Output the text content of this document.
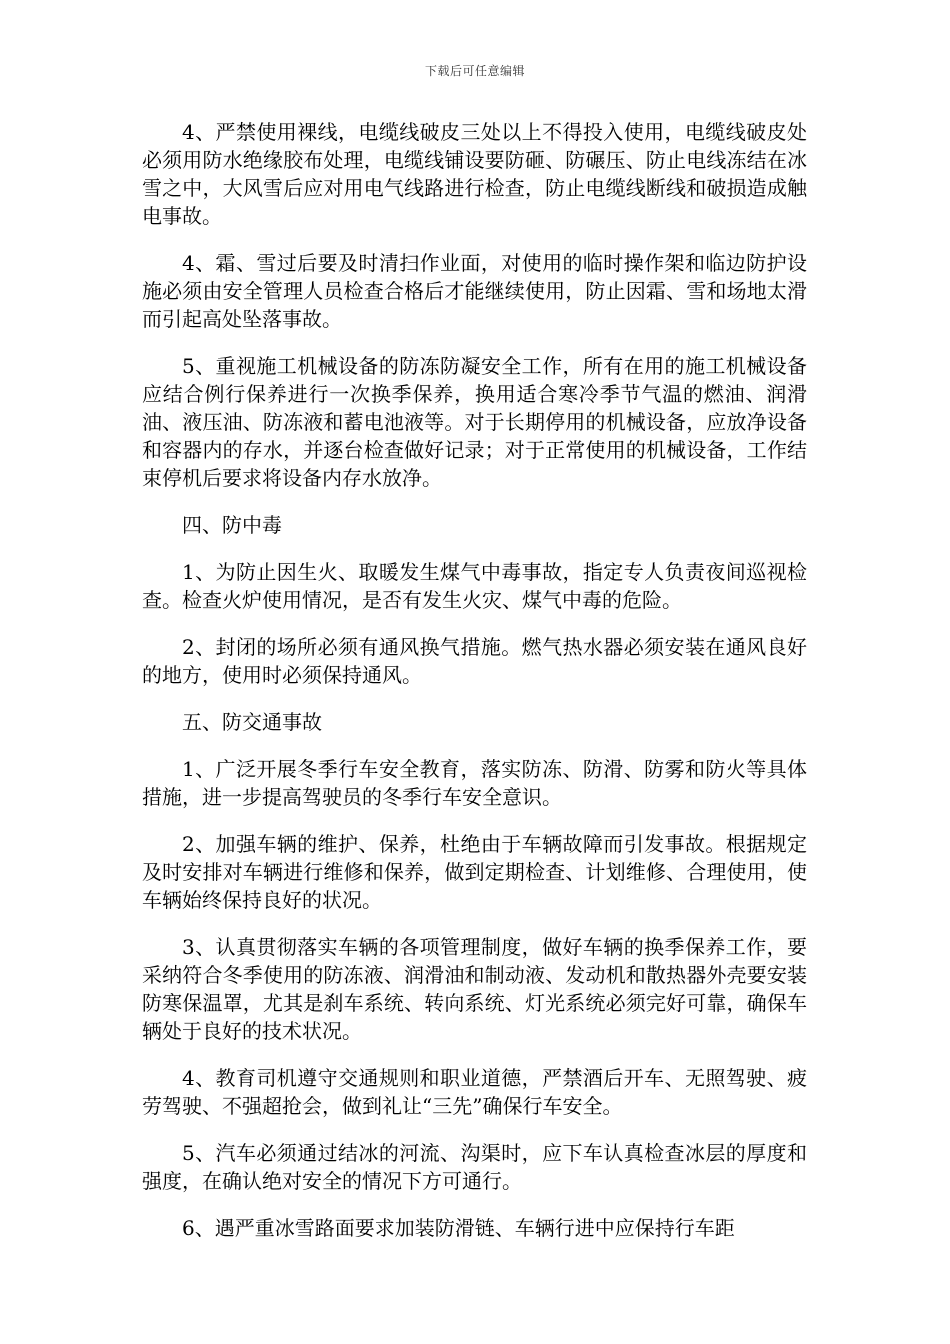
下载后可任意编辑

4、严禁使用裸线，电缆线破皮三处以上不得投入使用，电缆线破皮处必须用防水绝缘胶布处理，电缆线铺设要防砸、防碾压、防止电线冻结在冰雪之中，大风雪后应对用电气线路进行检查，防止电缆线断线和破损造成触电事故。

4、霜、雪过后要及时清扫作业面，对使用的临时操作架和临边防护设施必须由安全管理人员检查合格后才能继续使用，防止因霜、雪和场地太滑而引起高处坠落事故。

5、重视施工机械设备的防冻防凝安全工作，所有在用的施工机械设备应结合例行保养进行一次换季保养，换用适合寒冷季节气温的燃油、润滑油、液压油、防冻液和蓄电池液等。对于长期停用的机械设备，应放净设备和容器内的存水，并逐台检查做好记录；对于正常使用的机械设备，工作结束停机后要求将设备内存水放净。

四、防中毒

1、为防止因生火、取暖发生煤气中毒事故，指定专人负责夜间巡视检查。检查火炉使用情况，是否有发生火灾、煤气中毒的危险。

2、封闭的场所必须有通风换气措施。燃气热水器必须安装在通风良好的地方，使用时必须保持通风。

五、防交通事故

1、广泛开展冬季行车安全教育，落实防冻、防滑、防雾和防火等具体措施，进一步提高驾驶员的冬季行车安全意识。

2、加强车辆的维护、保养，杜绝由于车辆故障而引发事故。根据规定及时安排对车辆进行维修和保养，做到定期检查、计划维修、合理使用，使车辆始终保持良好的状况。

3、认真贯彻落实车辆的各项管理制度，做好车辆的换季保养工作，要采纳符合冬季使用的防冻液、润滑油和制动液、发动机和散热器外壳要安装防寒保温罩，尤其是刹车系统、转向系统、灯光系统必须完好可靠，确保车辆处于良好的技术状况。

4、教育司机遵守交通规则和职业道德，严禁酒后开车、无照驾驶、疲劳驾驶、不强超抢会，做到礼让“三先”确保行车安全。

5、汽车必须通过结冰的河流、沟渠时，应下车认真检查冰层的厚度和强度，在确认绝对安全的情况下方可通行。

6、遇严重冰雪路面要求加装防滑链、车辆行进中应保持行车距
